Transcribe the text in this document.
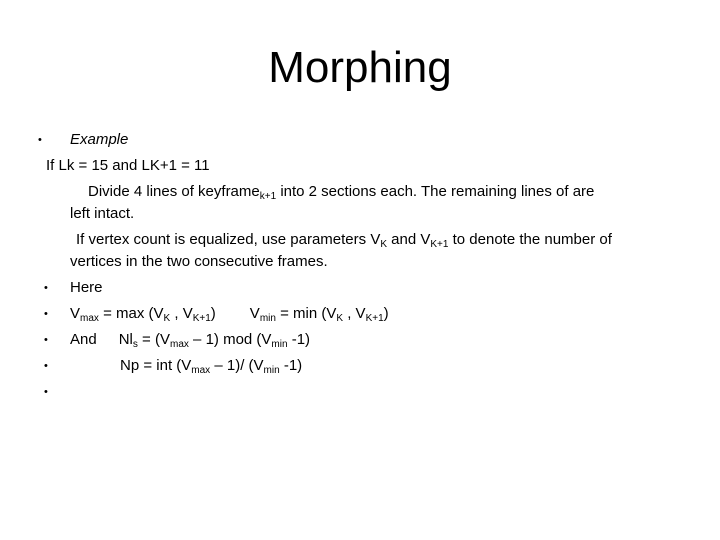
Morphing
• Example
If Lk = 15 and LK+1 = 11
Divide 4 lines of keyframe$_{k+1}$ into 2 sections each. The remaining lines of are
left intact.
If vertex count is equalized, use parameters $V_K$ and $V_{K+1}$ to denote the number of
vertices in the two consecutive frames.
• Here
• $V_{max} = \max (V_K$ , $V_{K+1}$) $V_{min} = \min (V_K$ , $V_{K+1}$)
• And $Nl_s = (V_{max} - 1)$ mod ($V_{min}$ -1)
•	Np = int $(V_{max} - 1)/$ ($V_{min}$ -1)
•
